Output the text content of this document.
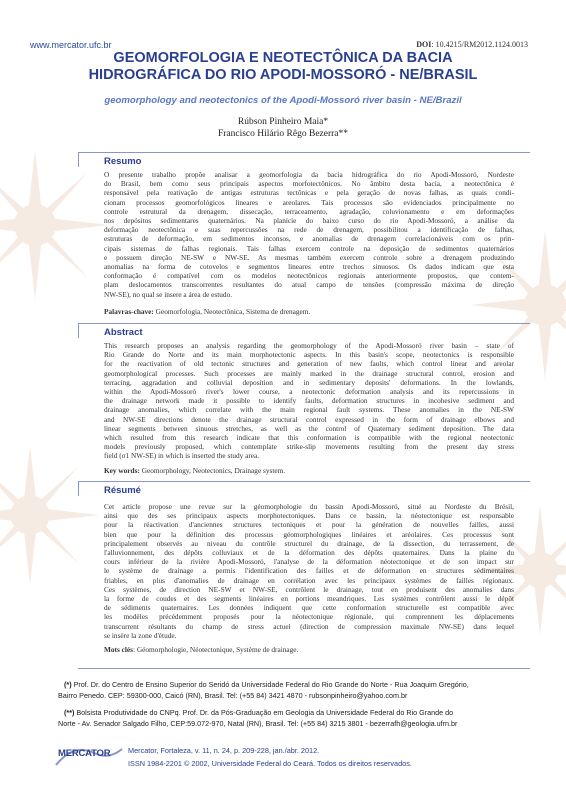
www.mercator.ufc.br	DOI: 10.4215/RM2012.1124.0013
GEOMORFOLOGIA E NEOTECTÔNICA DA BACIA
HIDROGRÁFICA DO RIO APODI-MOSSORÓ - NE/BRASIL
geomorphology and neotectonics of the Apodi-Mossoró river basin - NE/Brazil
Rúbson Pinheiro Maia*
Francisco Hilário Rêgo Bezerra**
Resumo
O presente trabalho propõe analisar a geomorfologia da bacia hidrográfica do rio Apodi-Mossoró, Nordeste
do Brasil, bem como seus principais aspectos morfotectônicos. No âmbito desta bacia, a neotectônica é
responsável pela reativação de antigas estruturas tectônicas e pela geração de novas falhas, as quais condi-
cionam processos geomorfológicos lineares e areolares. Tais processos são evidenciados principalmente no
controle estrutural da drenagem, dissecação, terraceamento, agradação, coluvionamento e em deformações
nos depósitos sedimentares quaternários. Na planície do baixo curso do rio Apodi-Mossoró, a análise da
deformação neotectônica e suas repercussões na rede de drenagem, possibilitou a identificação de falhas,
estruturas de deformação, em sedimentos inconsos, e anomalias de drenagem correlacionáveis com os prin-
cipais sistemas de falhas regionais. Tais falhas exercem controle na deposição de sedimentos quaternários
e possuem direção NE-SW e NW-SE. As mesmas também exercem controle sobre a drenagem produzindo
anomalias na forma de cotovelos e segmentos lineares entre trechos sinuosos. Os dados indicam que esta
conformação é compatível com os modelos neotectônicos regionais anteriormente propostos, que contem-
plam deslocamentos transcorrentes resultantes do atual campo de tensões (compressão máxima de direção
NW-SE), no qual se insere a área de estudo.
Palavras-chave: Geomorfologia, Neotectônica, Sistema de drenagem.
Abstract
This research proposes an analysis regarding the geomorphology of the Apodi-Mossoró river basin – state of
Rio Grande do Norte and its main morphotectonic aspects. In this basin's scope, neotectonics is responsible
for the reactivation of old tectonic structures and generation of new faults, which control linear and areolar
geomorphological processes. Such processes are mainly marked in the drainage structural control, erosion and
terracing, aggradation and colluvial deposition and in sedimentary deposits' deformations. In the lowlands,
within the Apodi-Mossoró river's lower course, a neotectonic deformation analysis and its repercussions in
the drainage network made it possible to identify faults, deformation structures in incohesive sediment and
drainage anomalies, which correlate with the main regional fault systems. These anomalies in the NE-SW
and NW-SE directions denote the drainage structural control expressed in the form of drainage elbows and
linear segments between sinuous stretches, as well as the control of Quaternary sediment deposition. The data
which resulted from this research indicate that this conformation is compatible with the regional neotectonic
models previously proposed, which contemplate strike-slip movements resulting from the present day stress
field (σ1 NW-SE) in which is inserted the study area.
Key words: Geomorphology, Neotectonics, Drainage system.
Résumé
Cet article propose une revue sur la géomorphologie du bassin Apodi-Mossoró, situé au Nordeste du Brésil,
ainsi que des ses principaux aspects morphotectoniques. Dans ce bassin, la néotectonique est responsable
pour la réactivation d'anciennes structures tectoniques et pour la génération de nouvelles failles, aussi
bien que pour la définition des processus géomorphologiques linéaires et aréolaires. Ces processus sont
principalement observés au niveau du contrôle structurel du drainage, de la dissection, du terrassement, de
l'alluvionnement, des dépôts colluviaux et de la déformation des dépôts quaternaires. Dans la plaine du
cours inférieur de la rivière Apodi-Mossoró, l'analyse de la déformation néotectonique et de son impact sur
le système de drainage a permis l'identification des failles et de déformation en structures sédimentaires
friables, en plus d'anomalies de drainage en corrélation avec les principaux systèmes de failles régionaux.
Ces systèmes, de direction NE-SW et NW-SE, contrôlent le drainage, tout en produisent des anomalies dans
la forme de coudes et des segments linéaires en portions meandriques. Les systèmes contrôlent aussi le dépôt
de sédiments quaternaires. Les données indiquent que cette conformation structurelle est compatible avec
les modèles précédemment proposés pour la néotectonique régionale, qui comprennent les déplacements
transcurrent résultants du champ de stress actuel (direction de compression maximale NW-SE) dans lequel
se insère la zone d'étude.
Mots clés: Géomorphologie, Néotectonique, Système de drainage.
(*) Prof. Dr. do Centro de Ensino Superior do Seridó da Universidade Federal do Rio Grande do Norte - Rua Joaquim Gregório,
Bairro Penedo. CEP: 59300-000, Caicó (RN), Brasil. Tel: (+55 84) 3421 4870 - rubsonpinheiro@yahoo.com.br
(**) Bolsista Produtividade do CNPq. Prof. Dr. da Pós-Graduação em Geologia da Universidade Federal do Rio Grande do
Norte - Av. Senador Salgado Filho, CEP:59.072-970, Natal (RN), Brasil. Tel: (+55 84) 3215 3801 - bezerrafh@geologia.ufrn.br
MERCATOR Mercator, Fortaleza, v. 11, n. 24, p. 209-228, jan./abr. 2012.
ISSN 1984-2201 © 2002, Universidade Federal do Ceará. Todos os direitos reservados.
